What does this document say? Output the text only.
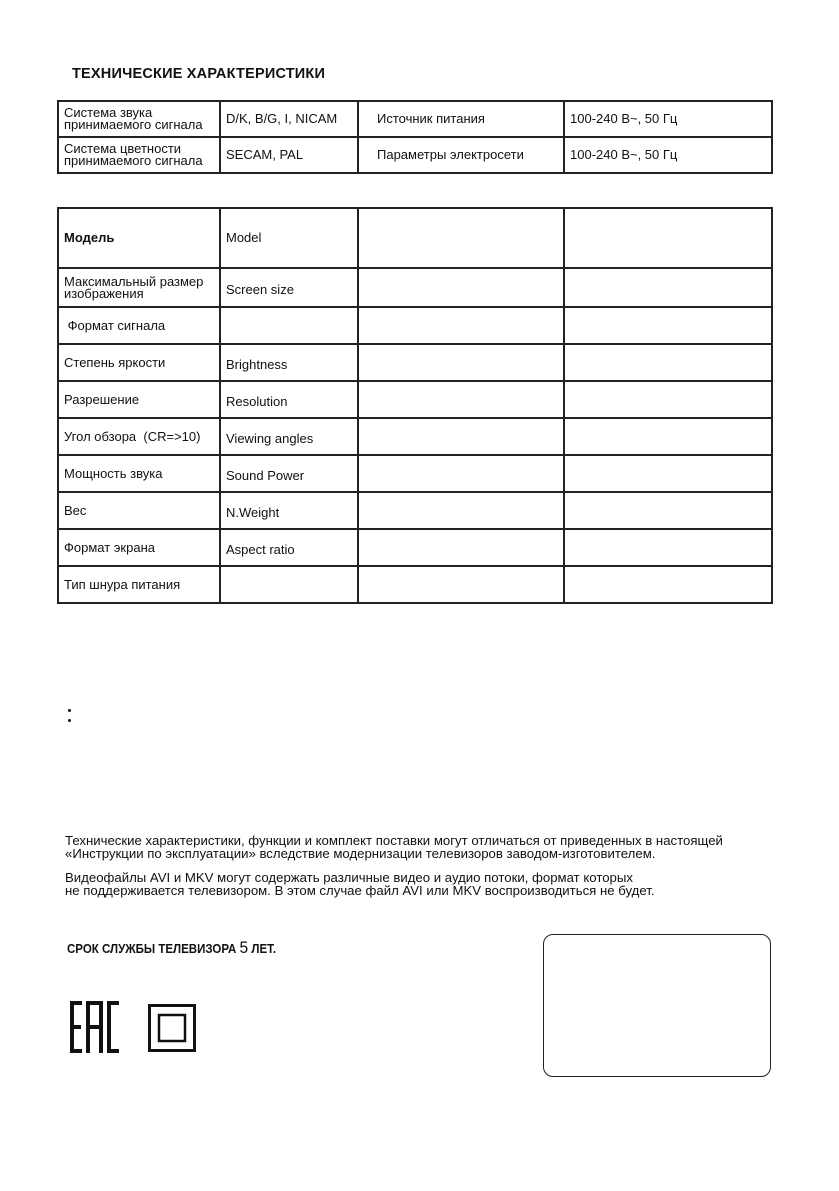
ТЕХНИЧЕСКИЕ ХАРАКТЕРИСТИКИ
Система звука
принимаемого сигнала	D/K, B/G, I, NICAM	Источник питания	100-240 В~, 50 Гц
Система цветности
принимаемого сигнала	SECAM, PAL	Параметры электросети	100-240 В~, 50 Гц
Модель	Model		
Максимальный размер
изображения	Screen size		
Формат сигнала			
Степень яркости	Brightness		
Разрешение	Resolution		
Угол обзора  (CR=>10)	Viewing angles		
Мощность звука	Sound Power		
Вес	N.Weight		
Формат экрана	Aspect ratio		
Тип шнура питания			
Технические характеристики, функции и комплект поставки могут отличаться от приведенных в настоящей
«Инструкции по эксплуатации» вследствие модернизации телевизоров заводом-изготовителем.
Видеофайлы AVI и MKV могут содержать различные видео и аудио потоки, формат которых
не поддерживается телевизором. В этом случае файл AVI или MKV воспроизводиться не будет.
СРОК СЛУЖБЫ ТЕЛЕВИЗОРА 5 ЛЕТ.
